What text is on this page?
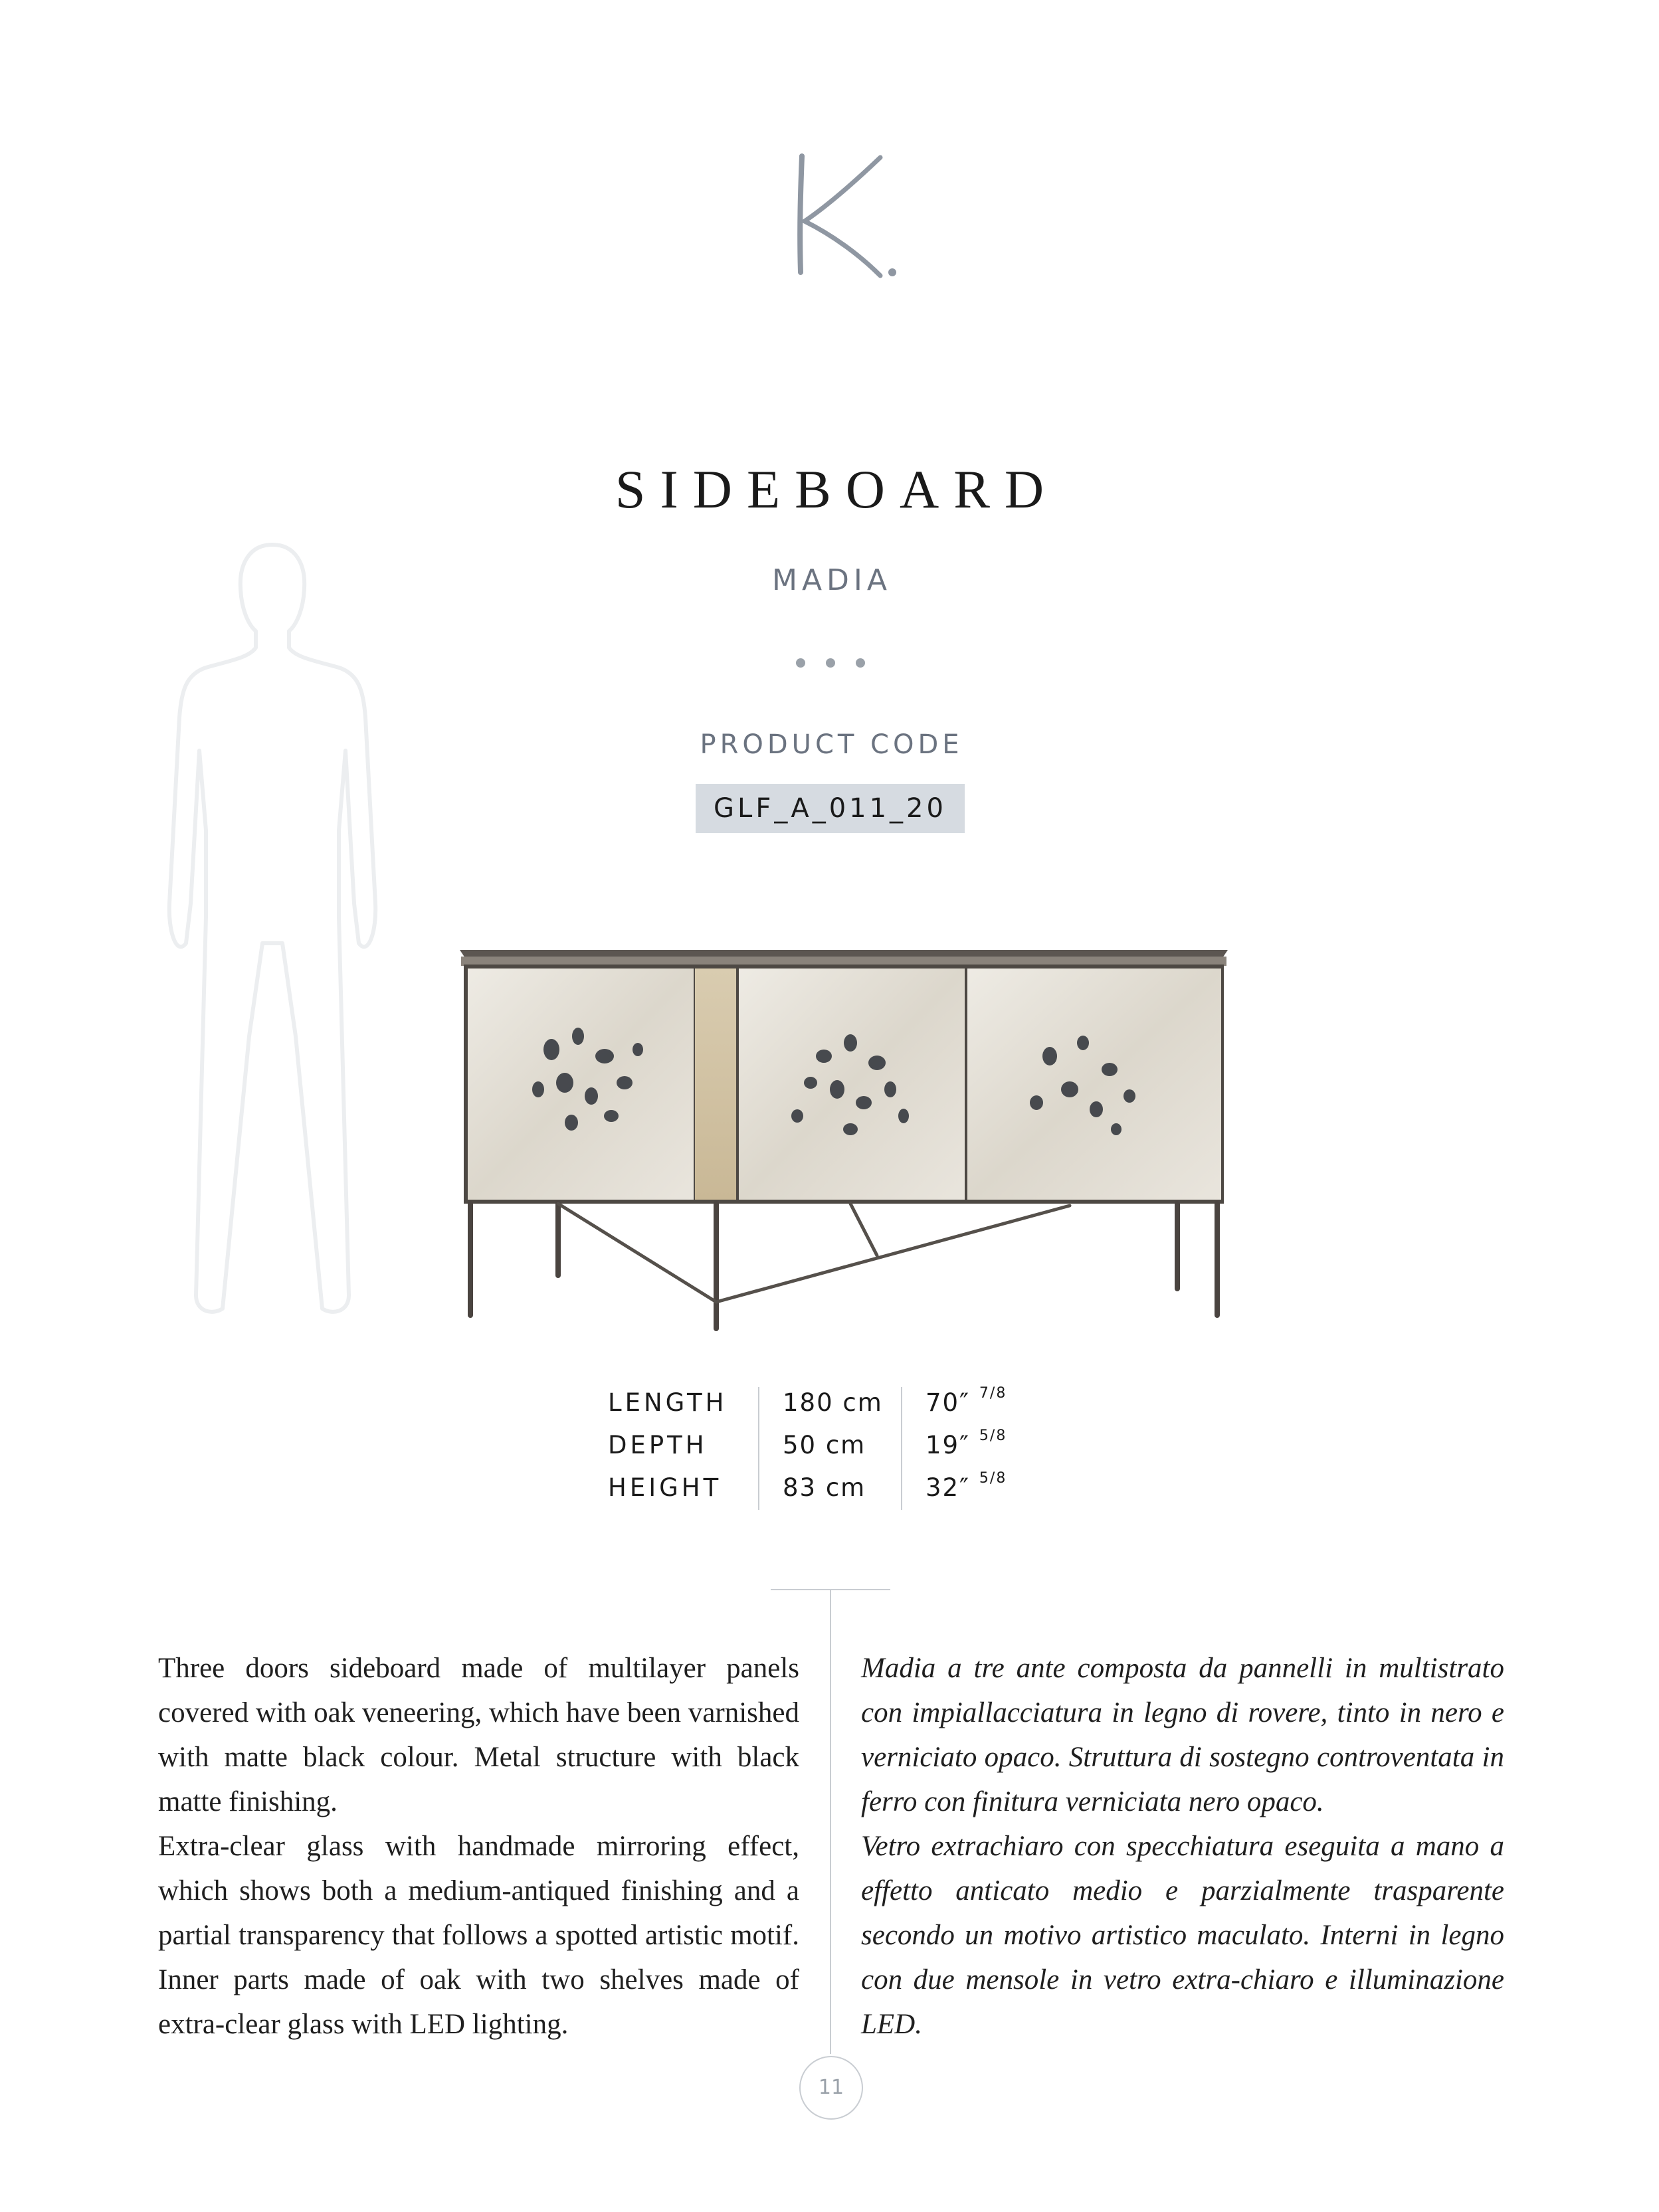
SIDEBOARD
MADIA
PRODUCT CODE
GLF_A_011_20
LENGTH	180 cm	70″ $^{7/8}$
DEPTH	50 cm	19″ $^{5/8}$
HEIGHT	83 cm	32″ $^{5/8}$

Three doors sideboard made of multilayer panels covered with oak veneering, which have been varnished with matte black colour. Metal structure with black matte finishing.

Extra-clear glass with handmade mirroring effect, which shows both a medium-antiqued finishing and a partial transparency that follows a spotted artistic motif. Inner parts made of oak with two shelves made of extra-clear glass with LED lighting.

Madia a tre ante composta da pannelli in multistrato con impiallacciatura in legno di rovere, tinto in nero e verniciato opaco. Struttura di sostegno controventata in ferro con finitura verniciata nero opaco.

Vetro extrachiaro con specchiatura eseguita a mano a effetto anticato medio e parzialmente trasparente secondo un motivo artistico maculato. Interni in legno con due mensole in vetro extra-chiaro e illuminazione LED.

11
